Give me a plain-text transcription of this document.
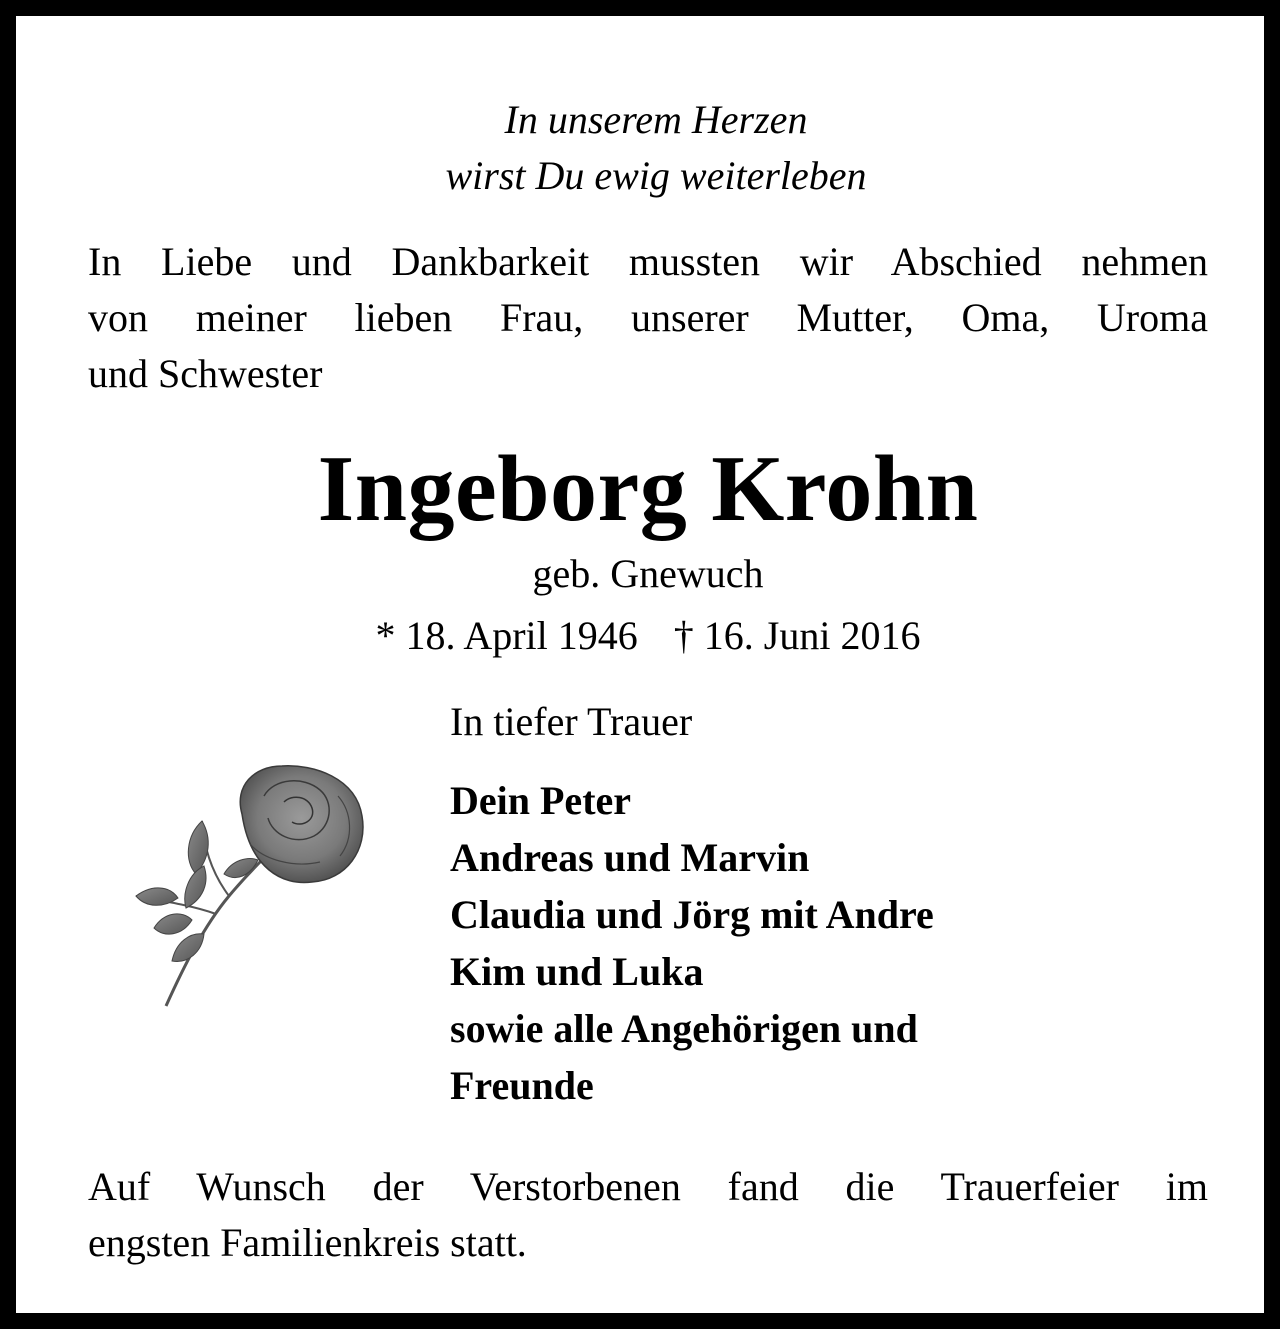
In unserem Herzen
wirst Du ewig weiterleben
In Liebe und Dankbarkeit mussten wir Abschied nehmen
von meiner lieben Frau, unserer Mutter, Oma, Uroma
und Schwester
Ingeborg Krohn
geb. Gnewuch
* 18. April 1946 † 16. Juni 2016
In tiefer Trauer
Dein Peter
Andreas und Marvin
Claudia und Jörg mit Andre
Kim und Luka
sowie alle Angehörigen und
Freunde
Auf Wunsch der Verstorbenen fand die Trauerfeier im
engsten Familienkreis statt.
